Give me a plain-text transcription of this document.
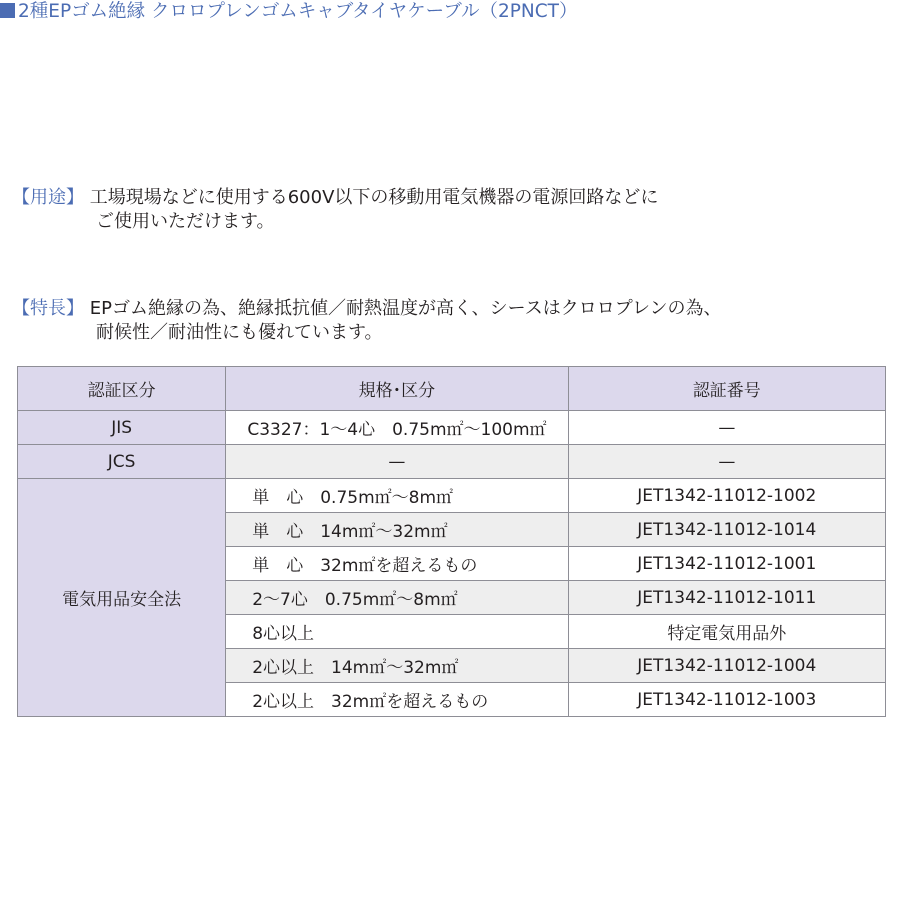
【用途】 工場現場などに使用する600V以下の移動用電気機器の電源回路などに
ご使用いただけます。
2種EPゴム絶縁 クロロプレンゴムキャブタイヤケーブル（2PNCT）
【特長】 EPゴム絶縁の為、絶縁抵抗値／耐熱温度が高く、シースはクロロプレンの為、
耐候性／耐油性にも優れています。
認証区分	規格･区分	認証番号
JIS	C3327：1～4心　0.75m㎡～100m㎡	—
JCS	—	—
電気用品安全法	単　心　0.75m㎡～8m㎡	JET1342-11012-1002
	単　心　14m㎡～32m㎡	JET1342-11012-1014
	単　心　32m㎡を超えるもの	JET1342-11012-1001
	2～7心　0.75m㎡～8m㎡	JET1342-11012-1011
	8心以上	特定電気用品外
	2心以上　14m㎡～32m㎡	JET1342-11012-1004
	2心以上　32m㎡を超えるもの	JET1342-11012-1003
